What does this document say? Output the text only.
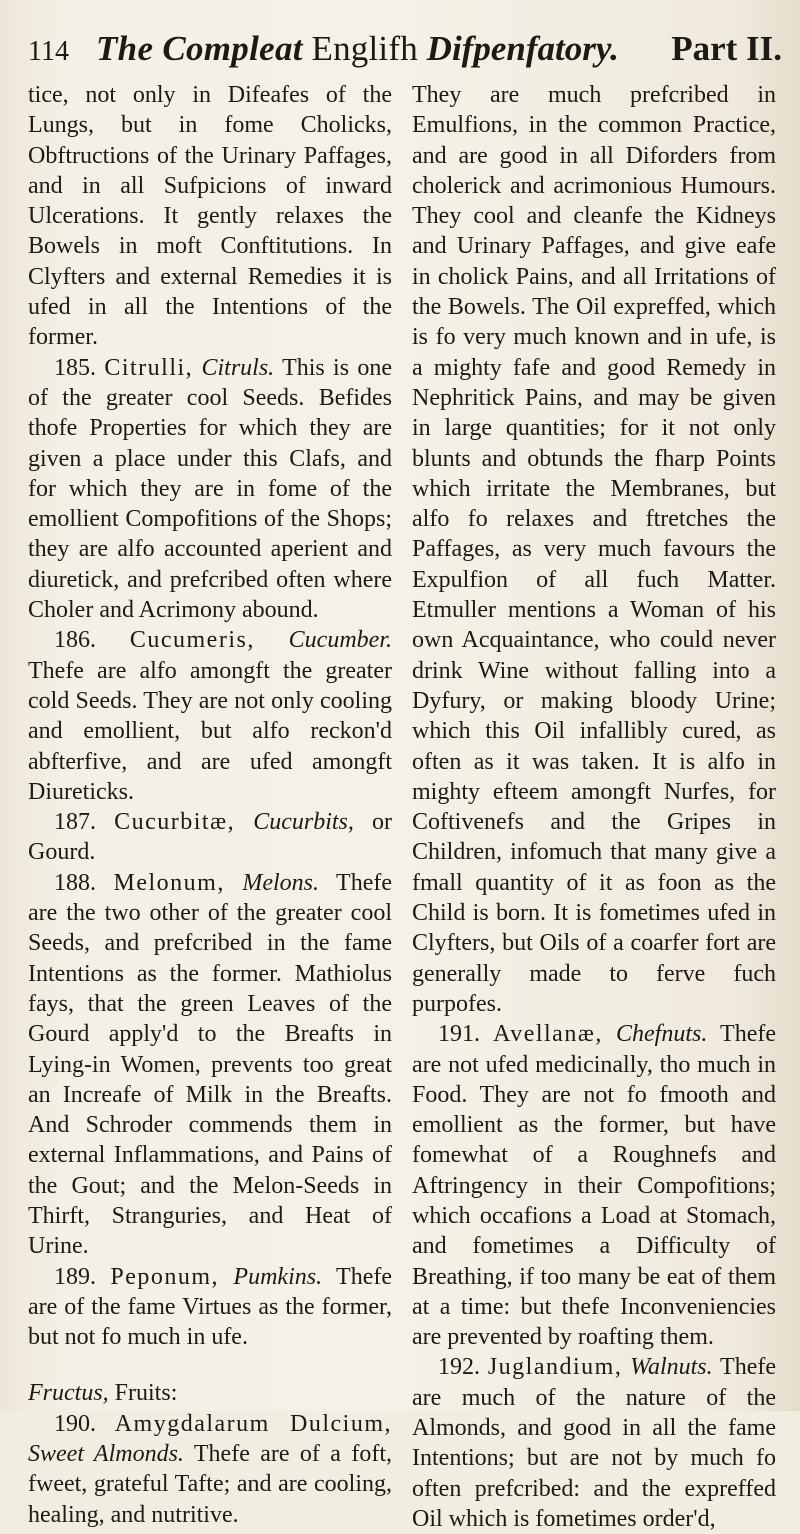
114 The Compleat Englifh Difpenfatory. Part II.

tice, not only in Difeafes of the Lungs, but in fome Cholicks, Obftructions of the Urinary Paffages, and in all Sufpicions of inward Ulcerations. It gently relaxes the Bowels in moft Conftitutions. In Clyfters and external Remedies it is ufed in all the Intentions of the former.

185. Citrulli, Citruls. This is one of the greater cool Seeds. Befides thofe Properties for which they are given a place under this Clafs, and for which they are in fome of the emollient Compofitions of the Shops; they are alfo accounted aperient and diuretick, and prefcribed often where Choler and Acrimony abound.

186. Cucumeris, Cucumber. Thefe are alfo amongft the greater cold Seeds. They are not only cooling and emollient, but alfo reckon'd abfterfive, and are ufed amongft Diureticks.

187. Cucurbitæ, Cucurbits, or Gourd.

188. Melonum, Melons. Thefe are the two other of the greater cool Seeds, and prefcribed in the fame Intentions as the former. Mathiolus fays, that the green Leaves of the Gourd apply'd to the Breafts in Lying-in Women, prevents too great an Increafe of Milk in the Breafts. And Schroder commends them in external Inflammations, and Pains of the Gout; and the Melon-Seeds in Thirft, Stranguries, and Heat of Urine.

189. Peponum, Pumkins. Thefe are of the fame Virtues as the former, but not fo much in ufe.

Fructus, Fruits:

190. Amygdalarum Dulcium, Sweet Almonds. Thefe are of a foft, fweet, grateful Tafte; and are cooling, healing, and nutritive.

They are much prefcribed in Emulfions, in the common Practice, and are good in all Diforders from cholerick and acrimonious Humours. They cool and cleanfe the Kidneys and Urinary Paffages, and give eafe in cholick Pains, and all Irritations of the Bowels. The Oil expreffed, which is fo very much known and in ufe, is a mighty fafe and good Remedy in Nephritick Pains, and may be given in large quantities; for it not only blunts and obtunds the fharp Points which irritate the Membranes, but alfo fo relaxes and ftretches the Paffages, as very much favours the Expulfion of all fuch Matter. Etmuller mentions a Woman of his own Acquaintance, who could never drink Wine without falling into a Dyfury, or making bloody Urine; which this Oil infallibly cured, as often as it was taken. It is alfo in mighty efteem amongft Nurfes, for Coftivenefs and the Gripes in Children, infomuch that many give a fmall quantity of it as foon as the Child is born. It is fometimes ufed in Clyfters, but Oils of a coarfer fort are generally made to ferve fuch purpofes.

191. Avellanæ, Chefnuts. Thefe are not ufed medicinally, tho much in Food. They are not fo fmooth and emollient as the former, but have fomewhat of a Roughnefs and Aftringency in their Compofitions; which occafions a Load at Stomach, and fometimes a Difficulty of Breathing, if too many be eat of them at a time: but thefe Inconveniencies are prevented by roafting them.

192. Juglandium, Walnuts. Thefe are much of the nature of the Almonds, and good in all the fame Intentions; but are not by much fo often prefcribed: and the expreffed Oil which is fometimes order'd,
